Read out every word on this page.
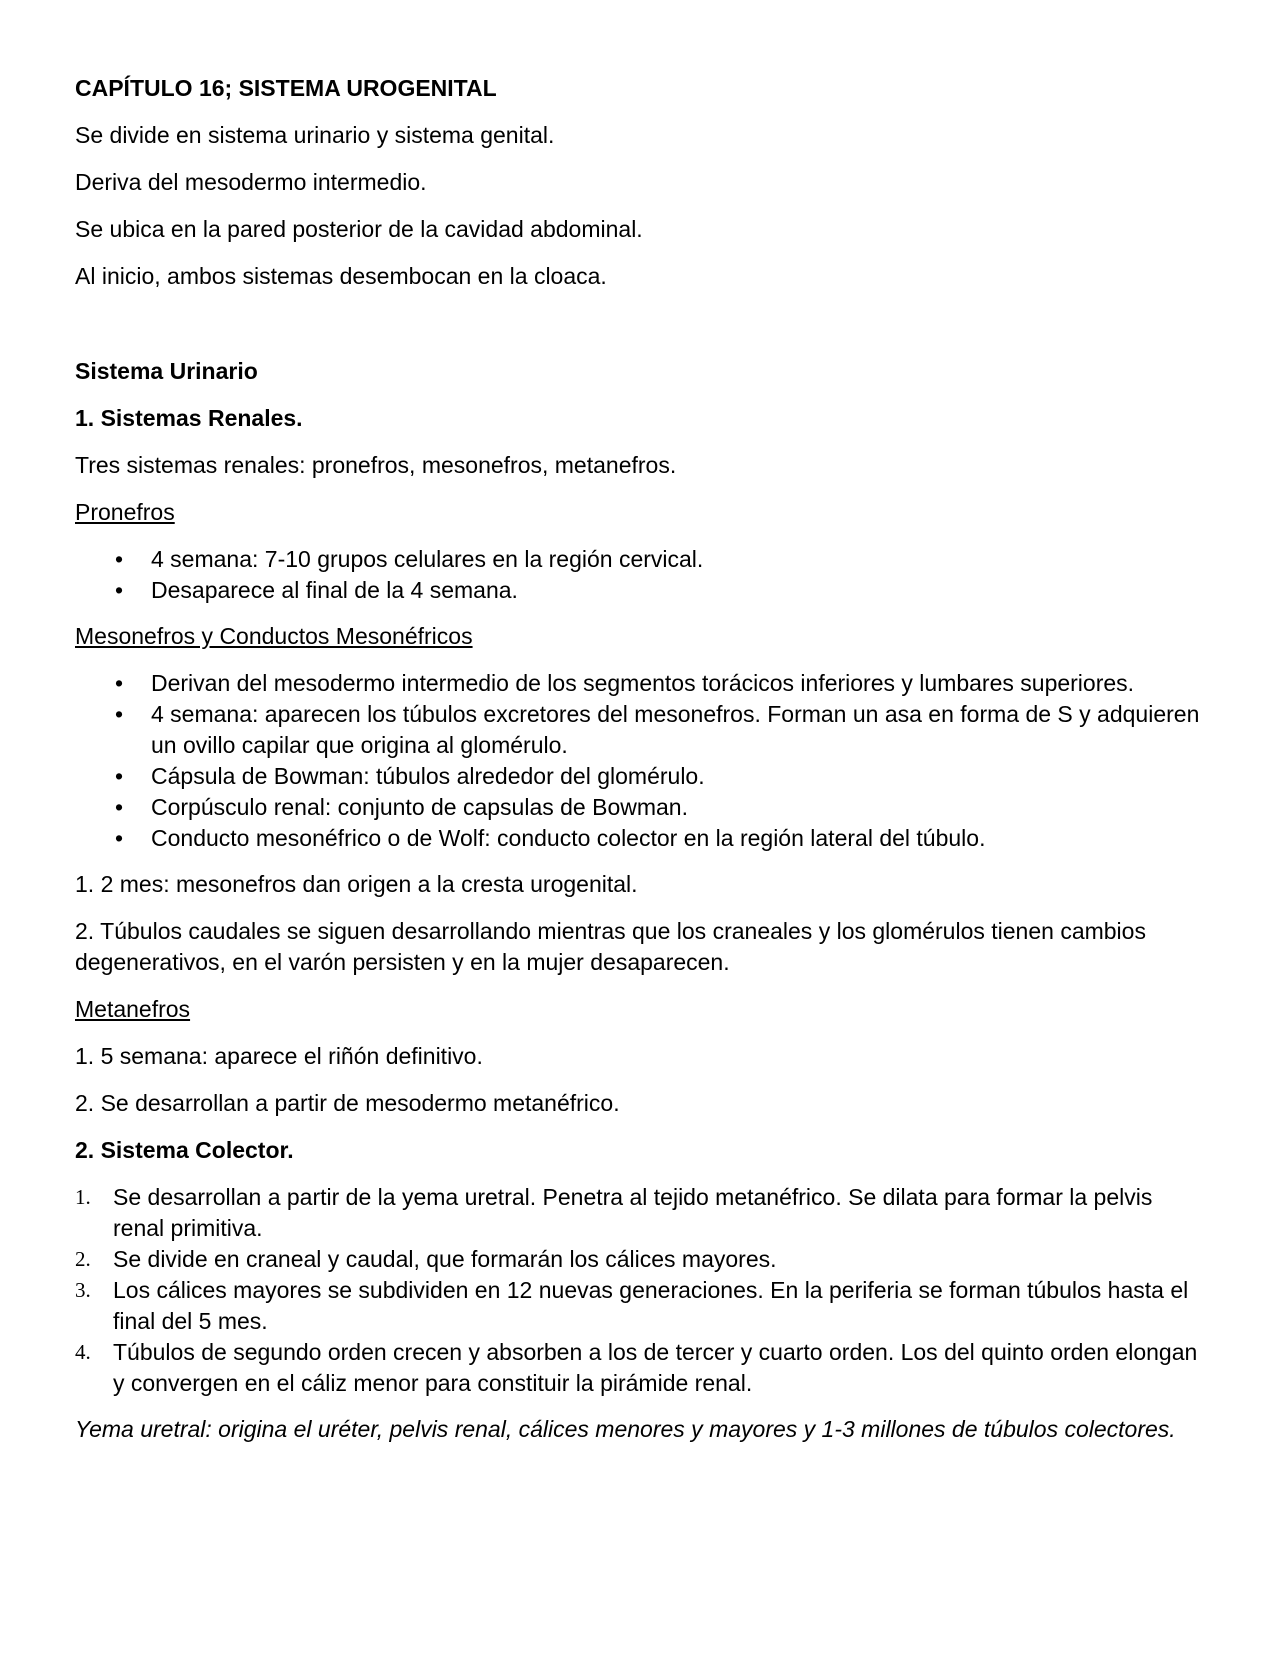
CAPÍTULO 16; SISTEMA UROGENITAL

Se divide en sistema urinario y sistema genital.

Deriva del mesodermo intermedio.

Se ubica en la pared posterior de la cavidad abdominal.

Al inicio, ambos sistemas desembocan en la cloaca.

Sistema Urinario

1. Sistemas Renales.

Tres sistemas renales: pronefros, mesonefros, metanefros.

Pronefros

• 4 semana: 7-10 grupos celulares en la región cervical.
• Desaparece al final de la 4 semana.

Mesonefros y Conductos Mesonéfricos

• Derivan del mesodermo intermedio de los segmentos torácicos inferiores y lumbares superiores.
• 4 semana: aparecen los túbulos excretores del mesonefros. Forman un asa en forma de S y adquieren un ovillo capilar que origina al glomérulo.
• Cápsula de Bowman: túbulos alrededor del glomérulo.
• Corpúsculo renal: conjunto de capsulas de Bowman.
• Conducto mesonéfrico o de Wolf: conducto colector en la región lateral del túbulo.

1. 2 mes: mesonefros dan origen a la cresta urogenital.

2. Túbulos caudales se siguen desarrollando mientras que los craneales y los glomérulos tienen cambios degenerativos, en el varón persisten y en la mujer desaparecen.

Metanefros

1. 5 semana: aparece el riñón definitivo.

2. Se desarrollan a partir de mesodermo metanéfrico.

2. Sistema Colector.

1. Se desarrollan a partir de la yema uretral. Penetra al tejido metanéfrico. Se dilata para formar la pelvis renal primitiva.
2. Se divide en craneal y caudal, que formarán los cálices mayores.
3. Los cálices mayores se subdividen en 12 nuevas generaciones. En la periferia se forman túbulos hasta el final del 5 mes.
4. Túbulos de segundo orden crecen y absorben a los de tercer y cuarto orden. Los del quinto orden elongan y convergen en el cáliz menor para constituir la pirámide renal.

Yema uretral: origina el uréter, pelvis renal, cálices menores y mayores y 1-3 millones de túbulos colectores.
